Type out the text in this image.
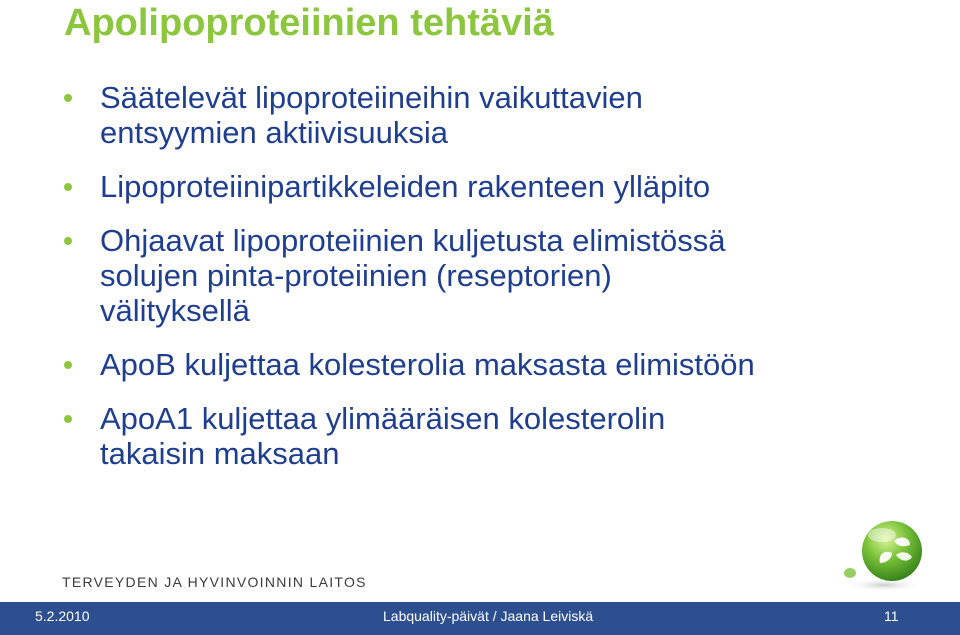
Apolipoproteiinien tehtäviä
Säätelevät lipoproteiineihin vaikuttavien
entsyymien aktiivisuuksia
Lipoproteiinipartikkeleiden rakenteen ylläpito
Ohjaavat lipoproteiinien kuljetusta elimistössä
solujen pinta-proteiinien (reseptorien)
välityksellä
ApoB kuljettaa kolesterolia maksasta elimistöön
ApoA1 kuljettaa ylimääräisen kolesterolin
takaisin maksaan
TERVEYDEN JA HYVINVOINNIN LAITOS
5.2.2010	Labquality-päivät / Jaana Leiviskä	11
